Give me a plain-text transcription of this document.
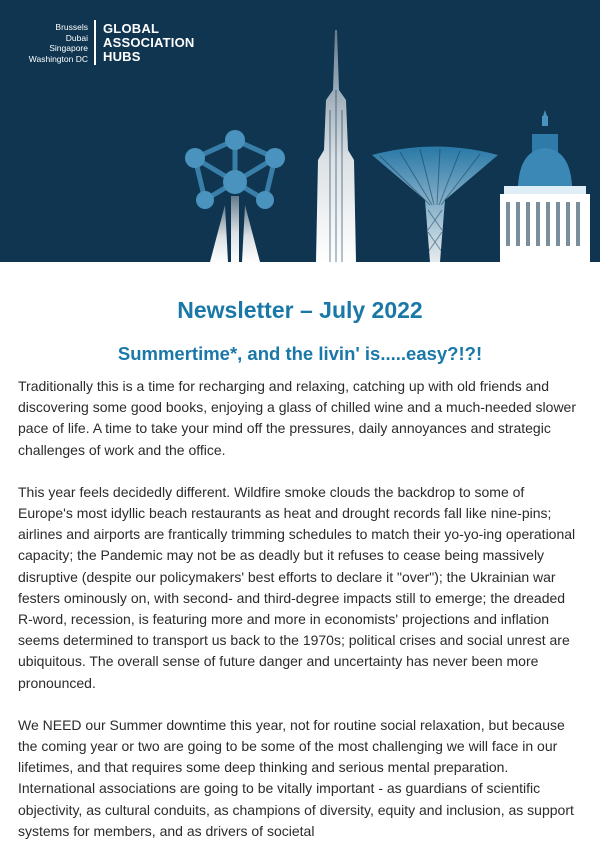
Brussels
Dubai
Singapore
Washington DC
GLOBAL
ASSOCIATION
HUBS
Newsletter – July 2022
Summertime*, and the livin' is.....easy?!?!

Traditionally this is a time for recharging and relaxing, catching up with old friends and discovering some good books, enjoying a glass of chilled wine and a much-needed slower pace of life. A time to take your mind off the pressures, daily annoyances and strategic challenges of work and the office.

This year feels decidedly different. Wildfire smoke clouds the backdrop to some of Europe's most idyllic beach restaurants as heat and drought records fall like nine-pins; airlines and airports are frantically trimming schedules to match their yo-yo-ing operational capacity; the Pandemic may not be as deadly but it refuses to cease being massively disruptive (despite our policymakers' best efforts to declare it "over"); the Ukrainian war festers ominously on, with second- and third-degree impacts still to emerge; the dreaded R-word, recession, is featuring more and more in economists' projections and inflation seems determined to transport us back to the 1970s; political crises and social unrest are ubiquitous. The overall sense of future danger and uncertainty has never been more pronounced.

We NEED our Summer downtime this year, not for routine social relaxation, but because the coming year or two are going to be some of the most challenging we will face in our lifetimes, and that requires some deep thinking and serious mental preparation. International associations are going to be vitally important - as guardians of scientific objectivity, as cultural conduits, as champions of diversity, equity and inclusion, as support systems for members, and as drivers of societal
